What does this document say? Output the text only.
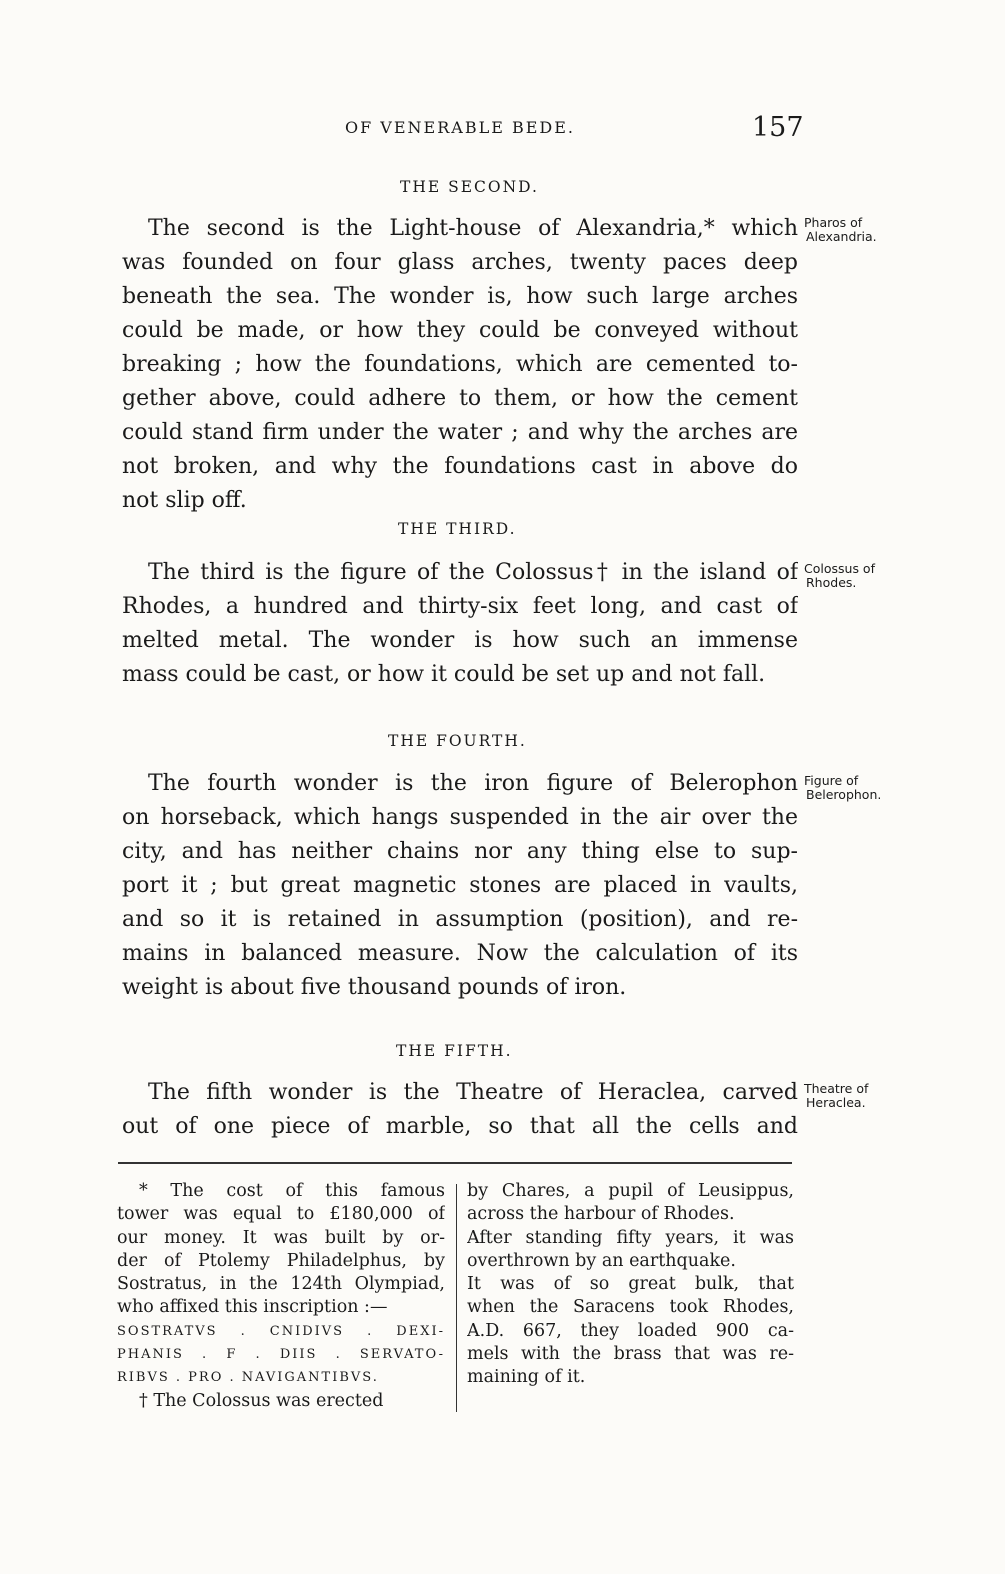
OF VENERABLE BEDE.	157
THE SECOND.
Pharos of
Alexandria.
The second is the Light-house of Alexandria,* which
was founded on four glass arches, twenty paces deep
beneath the sea. The wonder is, how such large arches
could be made, or how they could be conveyed without
breaking ; how the foundations, which are cemented to-
gether above, could adhere to them, or how the cement
could stand firm under the water ; and why the arches are
not broken, and why the foundations cast in above do
not slip off.
THE THIRD.
Colossus of
Rhodes.
The third is the figure of the Colossus† in the island of
Rhodes, a hundred and thirty-six feet long, and cast of
melted metal. The wonder is how such an immense
mass could be cast, or how it could be set up and not fall.
THE FOURTH.
Figure of
Belerophon.
The fourth wonder is the iron figure of Belerophon
on horseback, which hangs suspended in the air over the
city, and has neither chains nor any thing else to sup-
port it ; but great magnetic stones are placed in vaults,
and so it is retained in assumption (position), and re-
mains in balanced measure. Now the calculation of its
weight is about five thousand pounds of iron.
THE FIFTH.
Theatre of
Heraclea.
The fifth wonder is the Theatre of Heraclea, carved
out of one piece of marble, so that all the cells and
* The cost of this famous
tower was equal to £180,000 of
our money. It was built by or-
der of Ptolemy Philadelphus, by
Sostratus, in the 124th Olympiad,
who affixed this inscription :—
SOSTRATVS . CNIDIVS . DEXI-
PHANIS . F . DIIS . SERVATO-
RIBVS . PRO . NAVIGANTIBVS.
† The Colossus was erected
by Chares, a pupil of Leusippus,
across the harbour of Rhodes.
After standing fifty years, it was
overthrown by an earthquake.
It was of so great bulk, that
when the Saracens took Rhodes,
A.D. 667, they loaded 900 ca-
mels with the brass that was re-
maining of it.
